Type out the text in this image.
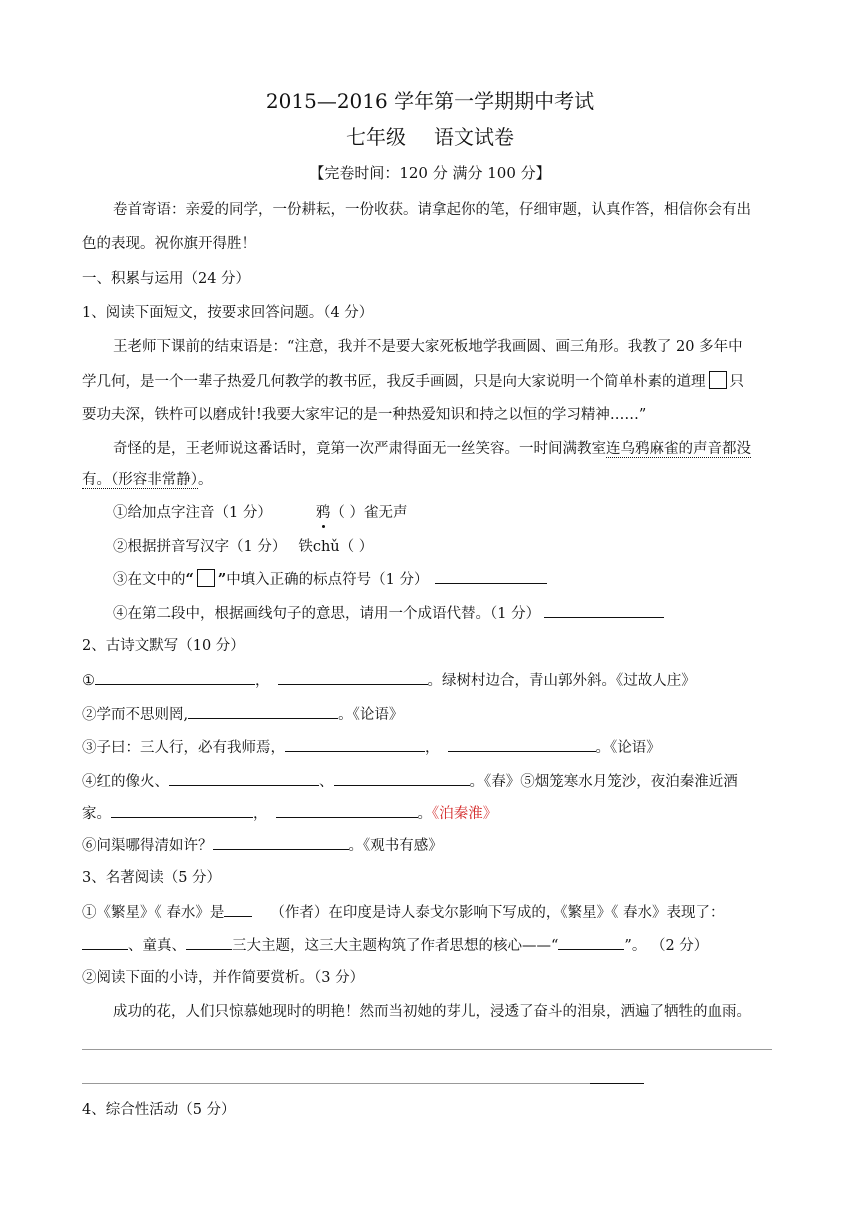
2015—2016 学年第一学期期中考试
七年级 语文试卷
【完卷时间：120 分 满分 100 分】
卷首寄语：亲爱的同学，一份耕耘，一份收获。请拿起你的笔，仔细审题，认真作答，相信你会有出
色的表现。祝你旗开得胜！
一、积累与运用（24 分）
1、阅读下面短文，按要求回答问题。（4 分）
王老师下课前的结束语是：“注意，我并不是要大家死板地学我画圆、画三角形。我教了 20 多年中
学几何，是一个一辈子热爱几何教学的教书匠，我反手画圆，只是向大家说明一个简单朴素的道理 只
要功夫深，铁杵可以磨成针!我要大家牢记的是一种热爱知识和持之以恒的学习精神……”
奇怪的是，王老师说这番话时，竟第一次严肃得面无一丝笑容。一时间满教室连乌鸦麻雀的声音都没
有。（形容非常静）。
①给加点字注音（1 分）	鸦（ ）雀无声
②根据拼音写汉字（1 分） 铁chǔ（ ）
③在文中的“ ”中填入正确的标点符号（1 分）
④在第二段中，根据画线句子的意思，请用一个成语代替。（1 分）
2、古诗文默写（10 分）
①	，	。绿树村边合，青山郭外斜。《过故人庄》
②学而不思则罔,	。《论语》
③子曰：三人行，必有我师焉，	，	。《论语》
④红的像火、	、	。《春》⑤烟笼寒水月笼沙，夜泊秦淮近酒
家。	，	。《泊秦淮》
⑥问渠哪得清如许？	。《观书有感》
3、名著阅读（5 分）
①《繁星》《 春水》是	（作者）在印度是诗人泰戈尔影响下写成的，《繁星》《 春水》表现了：
、童真、	三大主题，这三大主题构筑了作者思想的核心——“	”。 （2 分）
②阅读下面的小诗，并作简要赏析。（3 分）
成功的花，人们只惊慕她现时的明艳！然而当初她的芽儿，浸透了奋斗的泪泉，洒遍了牺牲的血雨。
4、综合性活动（5 分）
